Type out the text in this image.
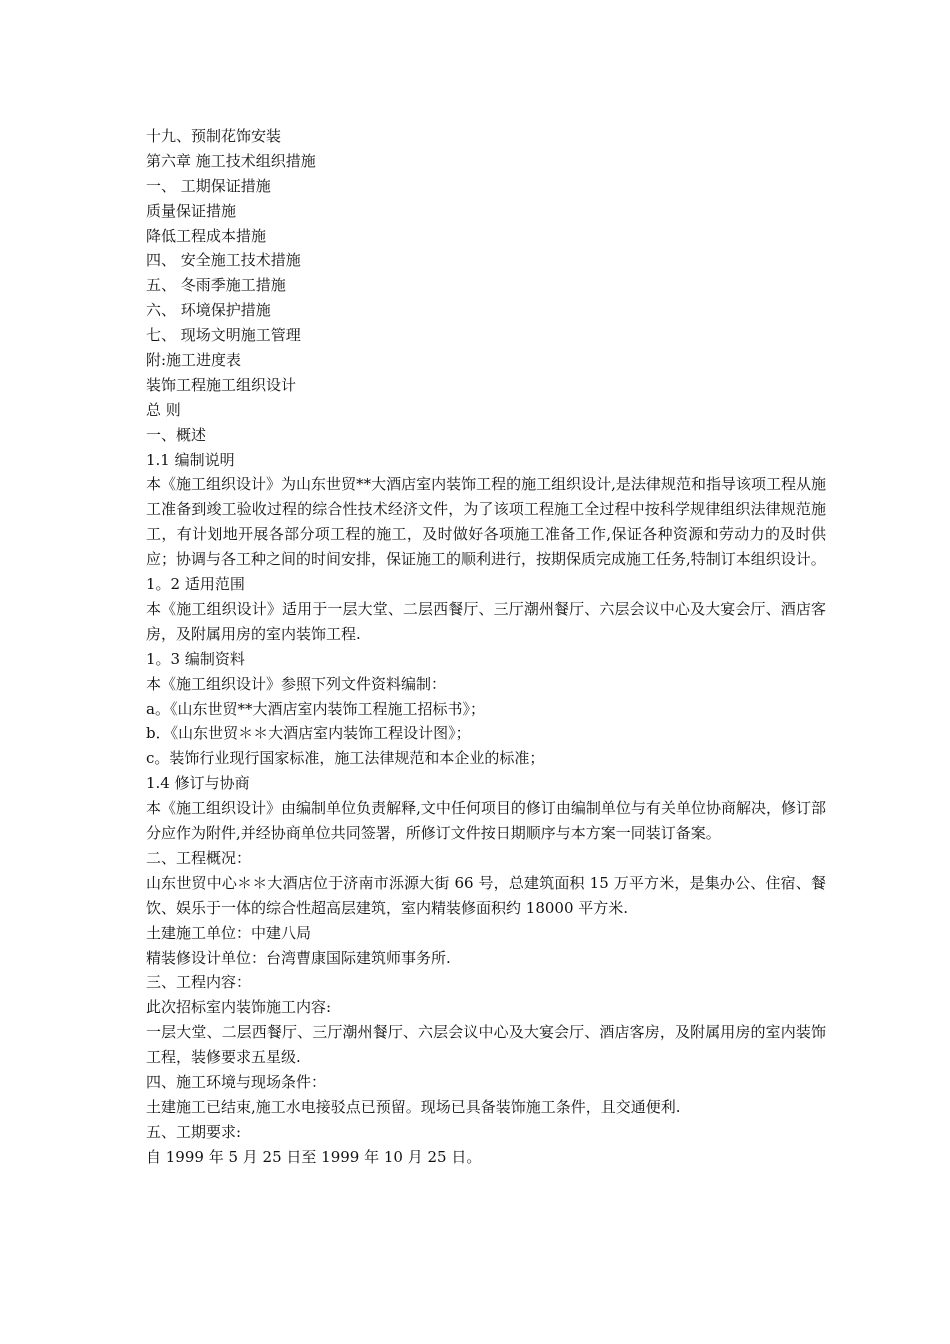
十九、预制花饰安装
第六章 施工技术组织措施
一、 工期保证措施
质量保证措施
降低工程成本措施
四、 安全施工技术措施
五、 冬雨季施工措施
六、 环境保护措施
七、 现场文明施工管理
附:施工进度表
装饰工程施工组织设计
总 则
一、概述
1.1 编制说明

本《施工组织设计》为山东世贸**大酒店室内装饰工程的施工组织设计,是法律规范和指导该项工程从施工准备到竣工验收过程的综合性技术经济文件，为了该项工程施工全过程中按科学规律组织法律规范施工，有计划地开展各部分项工程的施工，及时做好各项施工准备工作,保证各种资源和劳动力的及时供应；协调与各工种之间的时间安排，保证施工的顺利进行，按期保质完成施工任务,特制订本组织设计。

1。2 适用范围

本《施工组织设计》适用于一层大堂、二层西餐厅、三厅潮州餐厅、六层会议中心及大宴会厅、酒店客房，及附属用房的室内装饰工程.

1。3 编制资料
本《施工组织设计》参照下列文件资料编制：
a。《山东世贸**大酒店室内装饰工程施工招标书》；
b．《山东世贸＊＊大酒店室内装饰工程设计图》；
c。装饰行业现行国家标准，施工法律规范和本企业的标准；
1.4 修订与协商

本《施工组织设计》由编制单位负责解释,文中任何项目的修订由编制单位与有关单位协商解决，修订部分应作为附件,并经协商单位共同签署，所修订文件按日期顺序与本方案一同装订备案。

二、工程概况：

山东世贸中心＊＊大酒店位于济南市泺源大街 66 号，总建筑面积 15 万平方米，是集办公、住宿、餐饮、娱乐于一体的综合性超高层建筑，室内精装修面积约 18000 平方米.

土建施工单位：中建八局
精装修设计单位：台湾曹康国际建筑师事务所.
三、工程内容：
此次招标室内装饰施工内容:

一层大堂、二层西餐厅、三厅潮州餐厅、六层会议中心及大宴会厅、酒店客房，及附属用房的室内装饰工程，装修要求五星级.

四、施工环境与现场条件：
土建施工已结束,施工水电接驳点已预留。现场已具备装饰施工条件，且交通便利.
五、工期要求:
自 1999 年 5 月 25 日至 1999 年 10 月 25 日。
